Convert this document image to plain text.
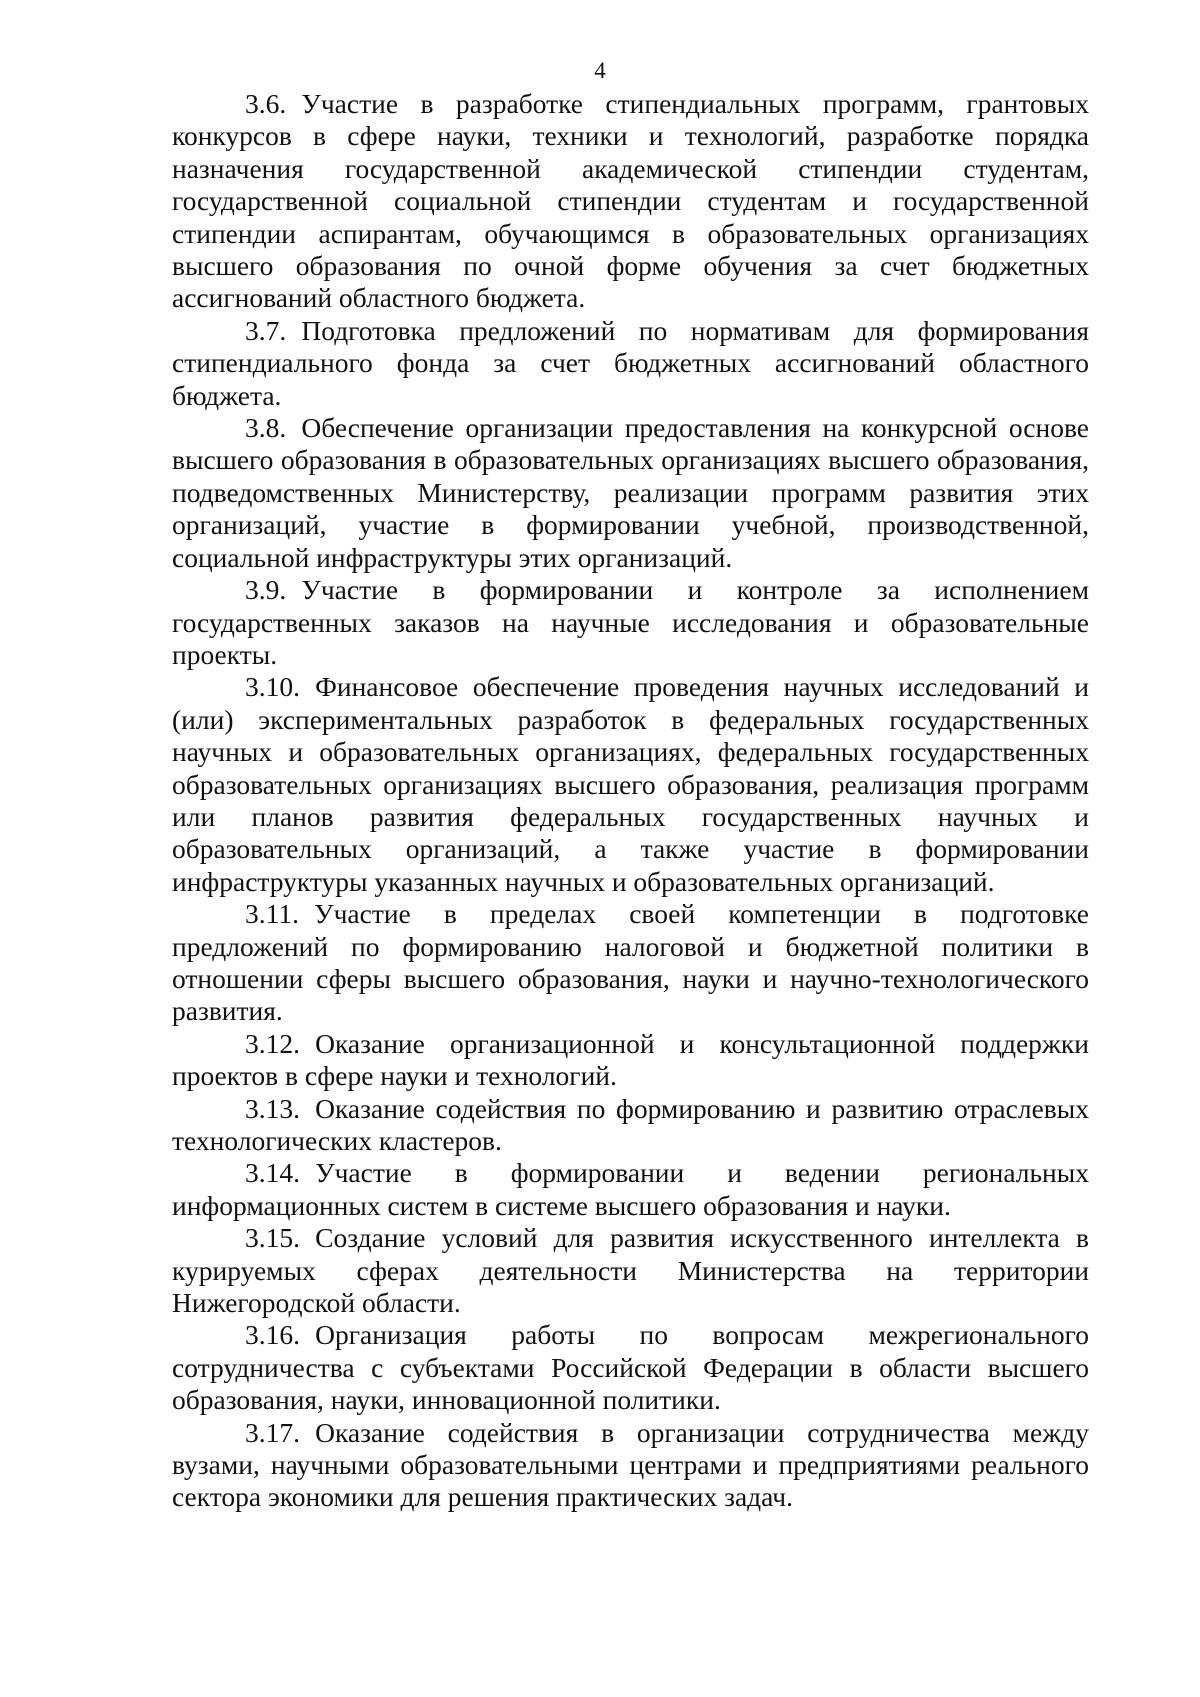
4

3.6. Участие в разработке стипендиальных программ, грантовых конкурсов в сфере науки, техники и технологий, разработке порядка назначения государственной академической стипендии студентам, государственной социальной стипендии студентам и государственной стипендии аспирантам, обучающимся в образовательных организациях высшего образования по очной форме обучения за счет бюджетных ассигнований областного бюджета.

3.7. Подготовка предложений по нормативам для формирования стипендиального фонда за счет бюджетных ассигнований областного бюджета.

3.8. Обеспечение организации предоставления на конкурсной основе высшего образования в образовательных организациях высшего образования, подведомственных Министерству, реализации программ развития этих организаций, участие в формировании учебной, производственной, социальной инфраструктуры этих организаций.

3.9. Участие в формировании и контроле за исполнением государственных заказов на научные исследования и образовательные проекты.

3.10. Финансовое обеспечение проведения научных исследований и (или) экспериментальных разработок в федеральных государственных научных и образовательных организациях, федеральных государственных образовательных организациях высшего образования, реализация программ или планов развития федеральных государственных научных и образовательных организаций, а также участие в формировании инфраструктуры указанных научных и образовательных организаций.

3.11. Участие в пределах своей компетенции в подготовке предложений по формированию налоговой и бюджетной политики в отношении сферы высшего образования, науки и научно-технологического развития.

3.12. Оказание организационной и консультационной поддержки проектов в сфере науки и технологий.

3.13. Оказание содействия по формированию и развитию отраслевых технологических кластеров.

3.14. Участие в формировании и ведении региональных информационных систем в системе высшего образования и науки.

3.15. Создание условий для развития искусственного интеллекта в курируемых сферах деятельности Министерства на территории Нижегородской области.

3.16. Организация работы по вопросам межрегионального сотрудничества с субъектами Российской Федерации в области высшего образования, науки, инновационной политики.

3.17. Оказание содействия в организации сотрудничества между вузами, научными образовательными центрами и предприятиями реального сектора экономики для решения практических задач.
